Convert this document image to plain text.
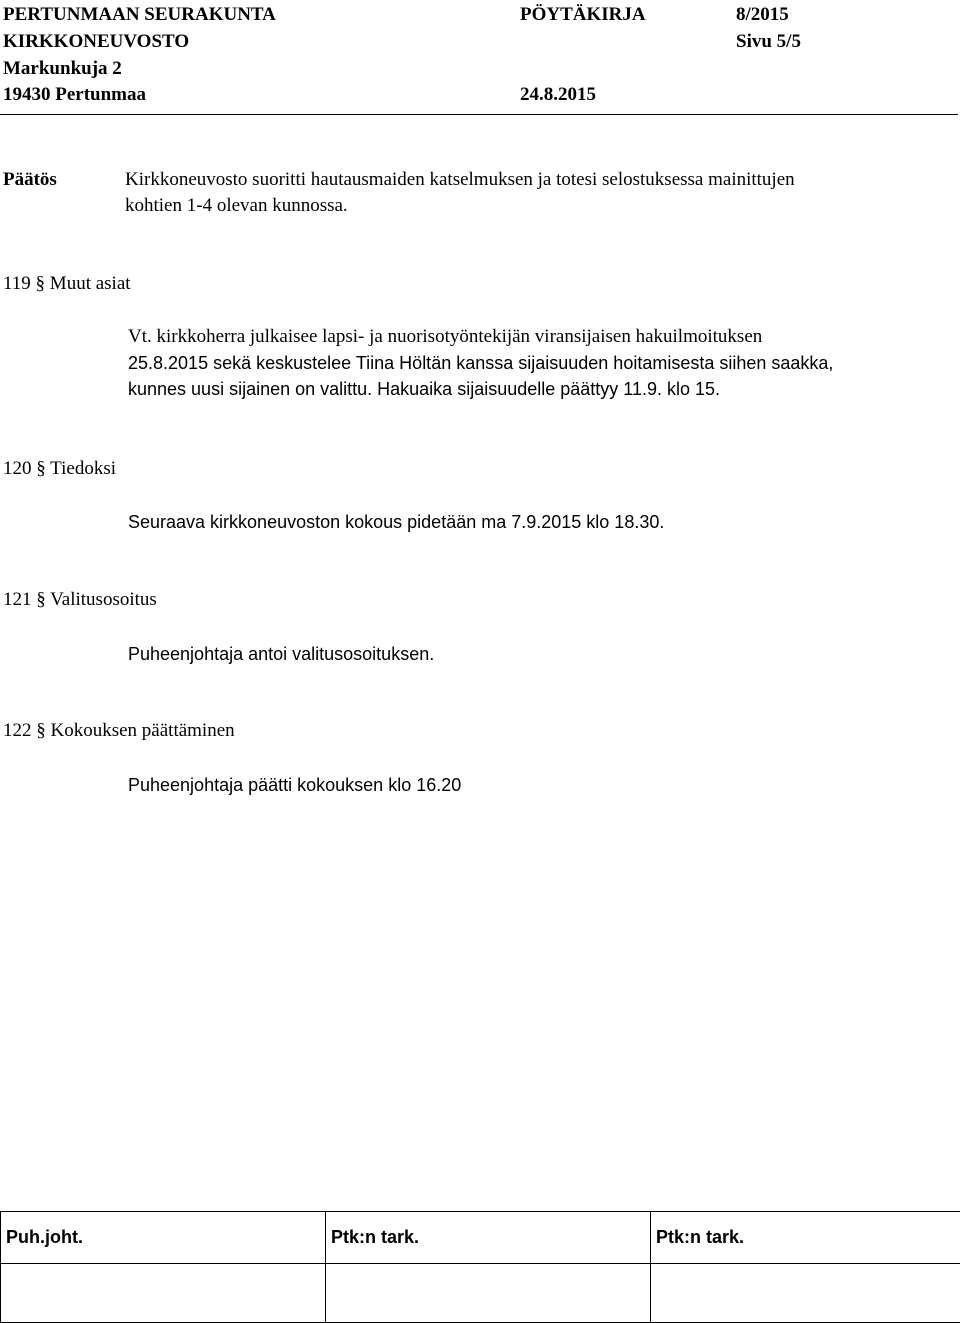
PERTUNMAAN SEURAKUNTA	PÖYTÄKIRJA	8/2015
KIRKKONEUVOSTO	Sivu 5/5
Markunkuja 2
19430 Pertunmaa	24.8.2015
Päätös	Kirkkoneuvosto suoritti hautausmaiden katselmuksen ja totesi selostuksessa mainittujen
kohtien 1-4 olevan kunnossa.
119 § Muut asiat
Vt. kirkkoherra julkaisee lapsi- ja nuorisotyöntekijän viransijaisen hakuilmoituksen
25.8.2015 sekä keskustelee Tiina Höltän kanssa sijaisuuden hoitamisesta siihen saakka,
kunnes uusi sijainen on valittu. Hakuaika sijaisuudelle päättyy 11.9. klo 15.
120 § Tiedoksi
Seuraava kirkkoneuvoston kokous pidetään ma 7.9.2015 klo 18.30.
121 § Valitusosoitus
Puheenjohtaja antoi valitusosoituksen.
122 § Kokouksen päättäminen
Puheenjohtaja päätti kokouksen klo 16.20
Puh.joht.	Ptk:n tark.	Ptk:n tark.
